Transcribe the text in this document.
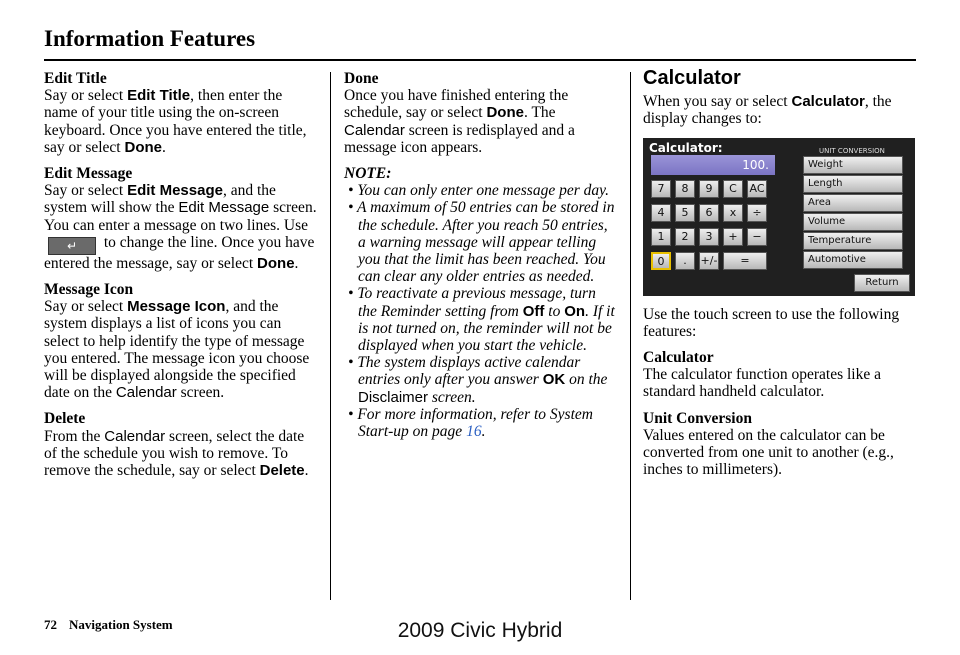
Information Features
Edit Title

Say or select Edit Title, then enter the name of your title using the on-screen keyboard. Once you have entered the title, say or select Done.

Edit Message

Say or select Edit Message, and the system will show the Edit Message screen. You can enter a message on two lines. Use ↵ to change the line. Once you have entered the message, say or select Done.

Message Icon

Say or select Message Icon, and the system displays a list of icons you can select to help identify the type of message you entered. The message icon you choose will be displayed alongside the specified date on the Calendar screen.

Delete

From the Calendar screen, select the date of the schedule you wish to remove. To remove the schedule, say or select Delete.

Done

Once you have finished entering the schedule, say or select Done. The Calendar screen is redisplayed and a message icon appears.

NOTE:

• You can only enter one message per day.
• A maximum of 50 entries can be stored in the schedule. After you reach 50 entries, a warning message will appear telling you that the limit has been reached. You can clear any older entries as needed.
• To reactivate a previous message, turn the Reminder setting from Off to On. If it is not turned on, the reminder will not be displayed when you start the vehicle.
• The system displays active calendar entries only after you answer OK on the Disclaimer screen.
• For more information, refer to System Start-up on page 16.
Calculator

When you say or select Calculator, the display changes to:

Calculator:	UNIT CONVERSION
100.
7	8	9	C	AC
4	5	6	x	÷
1	2	3	+	−
0	.	+/-	=
Weight
Length
Area
Volume
Temperature
Automotive
Return

Use the touch screen to use the following features:

Calculator

The calculator function operates like a standard handheld calculator.

Unit Conversion

Values entered on the calculator can be converted from one unit to another (e.g., inches to millimeters).

72 Navigation System	2009 Civic Hybrid
